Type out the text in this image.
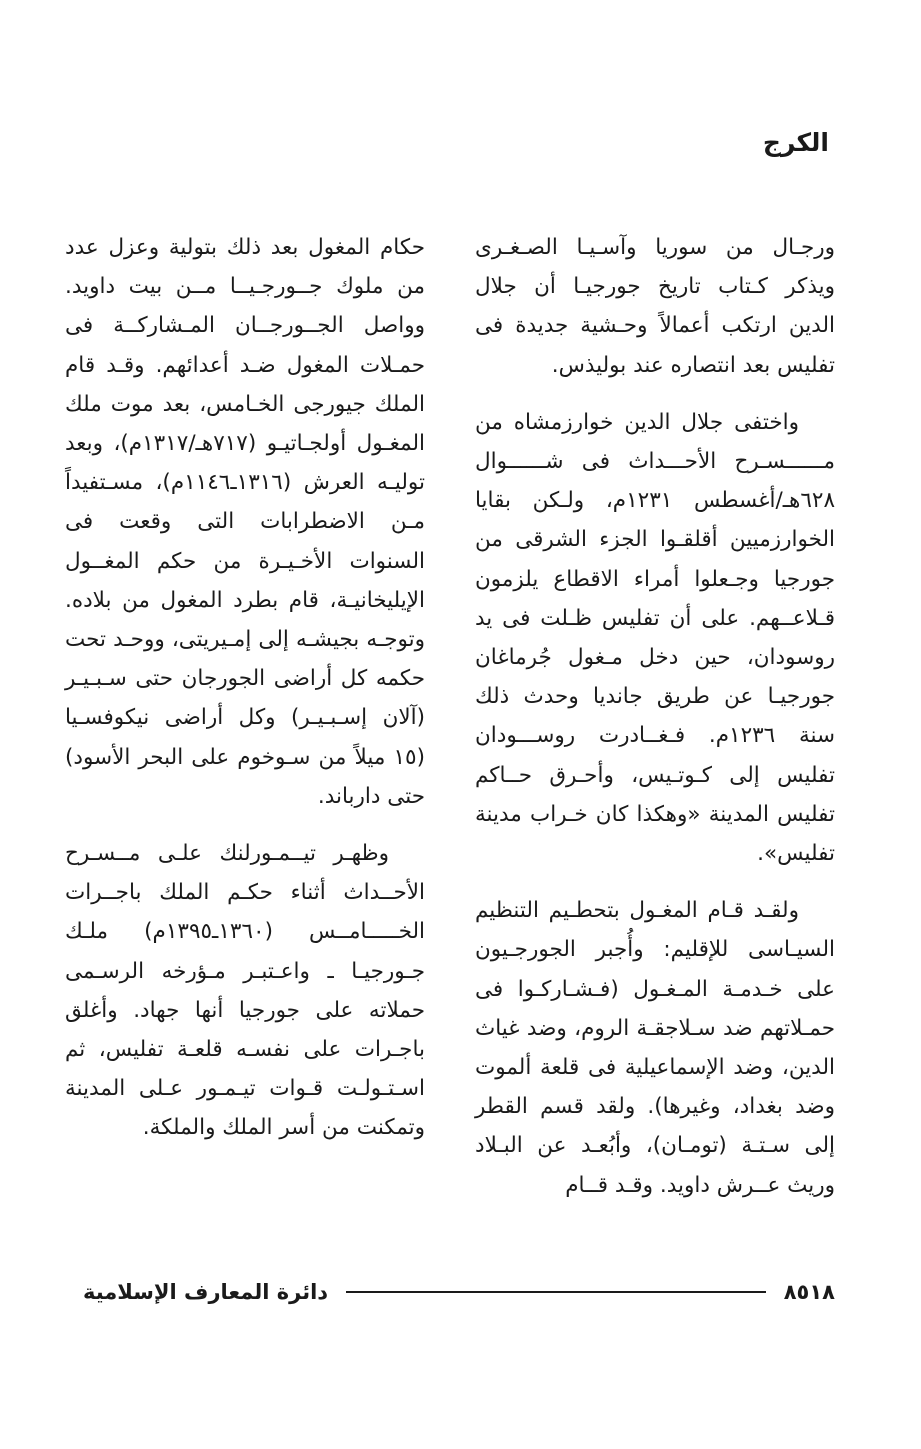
الكرج

ورجـال من سوريا وآسـيـا الصـغـرى ويذكر كـتاب تاريخ جورجيـا أن جلال الدين ارتكب أعمالاً وحـشية جديدة فى تفليس بعد انتصاره عند بوليذس.

واختفى جلال الدين خوارزمشاه من مــــــسـرح الأحـــداث فى شــــــوال ٦٢٨هـ/أغسطس ١٢٣١م، ولـكن بقايا الخوارزميين أقلقـوا الجزء الشرقى من جورجيا وجـعلوا أمراء الاقطاع يلزمون قـلاعــهم. على أن تفليس ظـلت فى يد روسودان، حين دخل مـغول جُرماغان جورجيـا عن طريق جانديا وحدث ذلك سنة ١٢٣٦م. فـغــادرت روســـودان تفليس إلى كـوتـيس، وأحـرق حــاكم تفليس المدينة «وهكذا كان خـراب مدينة تفليس».

ولقـد قـام المغـول بتحطـيم التنظيم السيـاسى للإقليم: وأُجبر الجورجـيون على خـدمـة المـغـول (فـشـاركـوا فى حمـلاتهم ضد سـلاجقـة الروم، وضد غياث الدين، وضد الإسماعيلية فى قلعة ألموت وضد بغداد، وغيرها). ولقد قسم القطر إلى سـتـة (تومـان)، وأبُعـد عن البـلاد وريث عــرش داويد. وقـد قــام

حكام المغول بعد ذلك بتولية وعزل عدد من ملوك جــورجـيــا مــن بيت داويد. وواصل الجــورجــان المـشاركــة فى حمـلات المغول ضـد أعدائهم. وقـد قام الملك جيورجى الخـامس، بعد موت ملك المغـول أولجـاتيـو (٧١٧هـ/١٣١٧م)، وبعد توليـه العرش (١٣١٦ـ١١٤٦م)، مسـتفيداً مـن الاضطرابات التى وقعت فى السنوات الأخـيـرة من حكم المغــول الإيليخانيـة، قام بطرد المغول من بلاده. وتوجـه بجيشـه إلى إمـيريتى، ووحـد تحت حكمه كل أراضى الجورجان حتى سـبـيـر (آلان إسـبـيـر) وكل أراضى نيكوفسـيا (١٥ ميلاً من سـوخوم على البحر الأسود) حتى دارباند.

وظهـر تيــمـورلنك علـى مــسـرح الأحــداث أثناء حكـم الملك باجــرات الخـــــامــس (١٣٦٠ـ١٣٩٥م) ملـك جـورجيـا ـ واعـتبـر مـؤرخه الرسـمى حملاته على جورجيا أنها جهاد. وأغلق باجـرات على نفسـه قلعـة تفليس، ثم اسـتـولـت قـوات تيـمـور عـلى المدينة وتمكنت من أسر الملك والملكة.

٨٥١٨
دائرة المعارف الإسلامية
